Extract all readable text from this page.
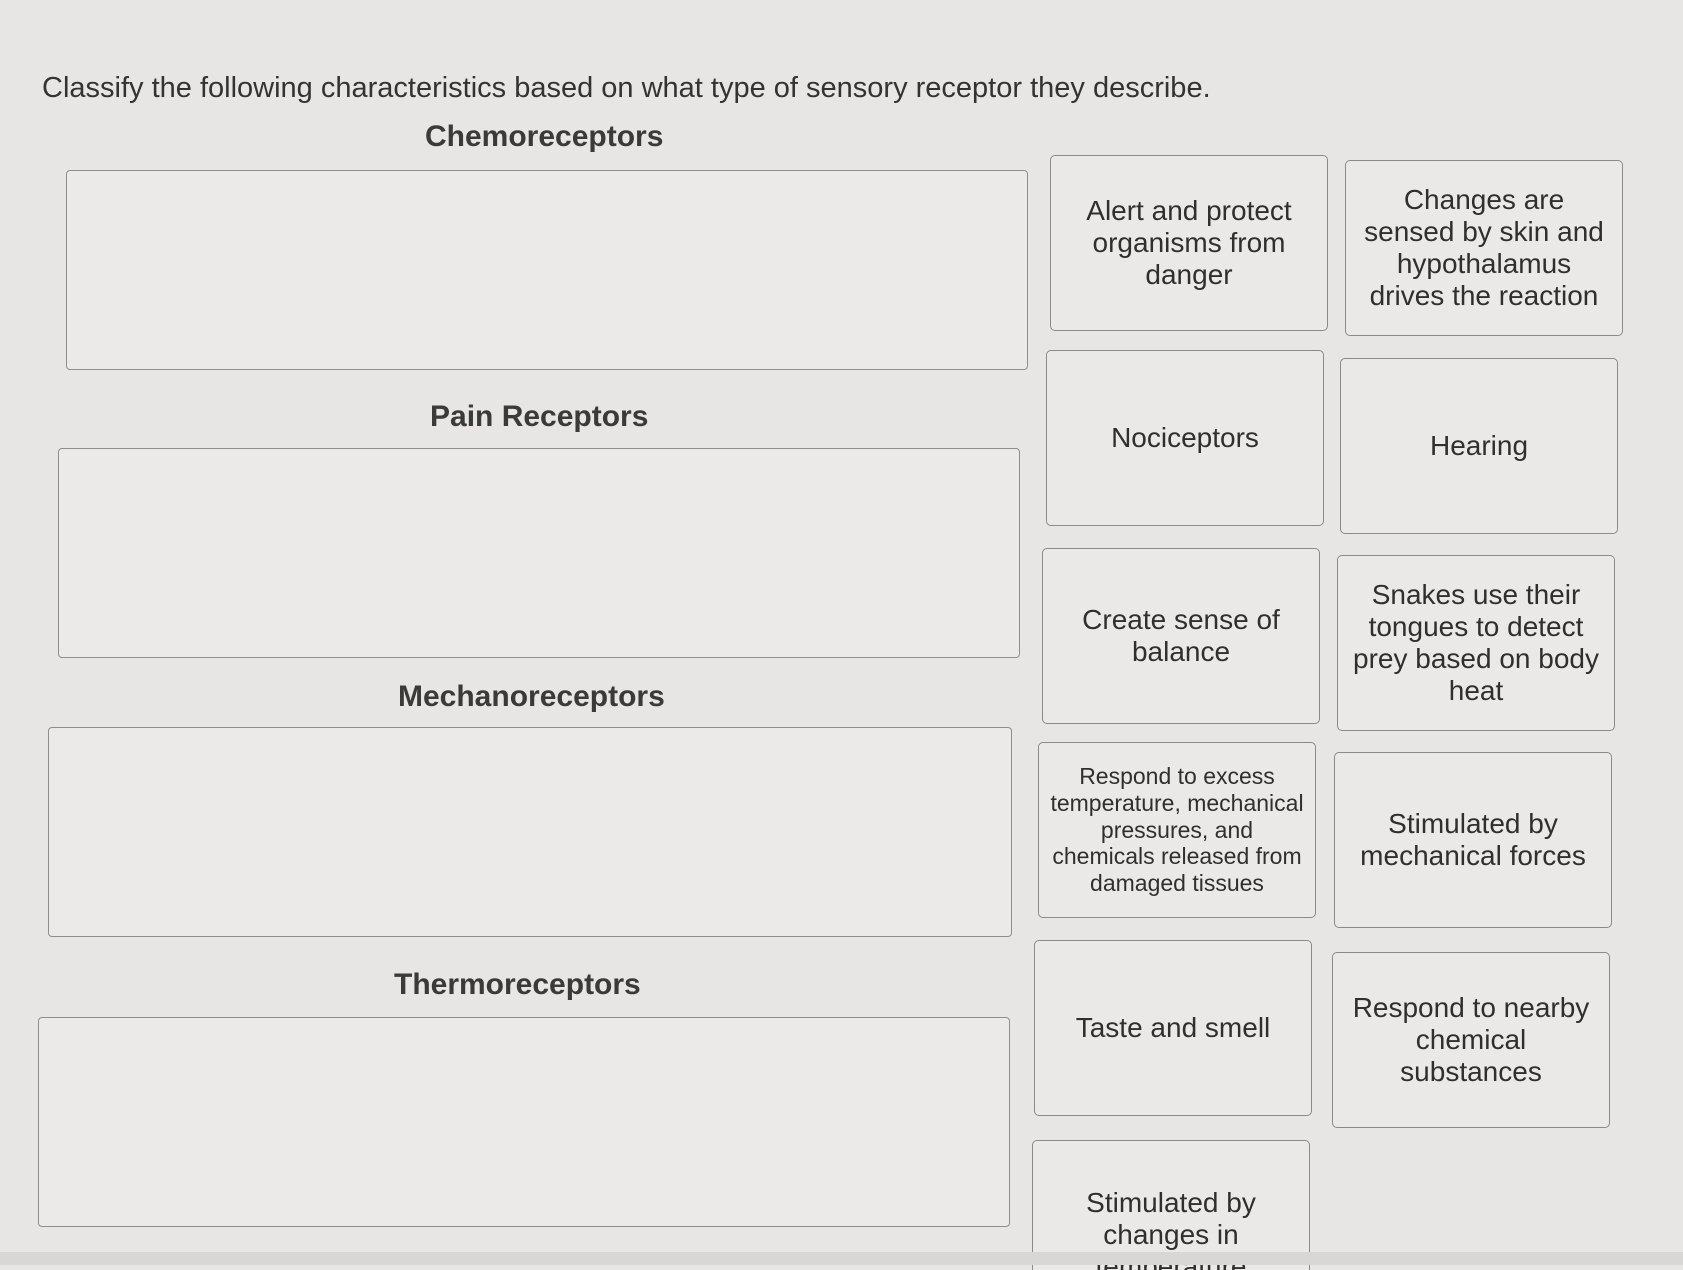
Classify the following characteristics based on what type of sensory receptor they describe.
Chemoreceptors
Pain Receptors
Mechanoreceptors
Thermoreceptors
Alert and protect organisms from danger
Changes are sensed by skin and hypothalamus drives the reaction
Nociceptors	Hearing
Create sense of balance
Snakes use their tongues to detect prey based on body heat
Respond to excess temperature, mechanical pressures, and chemicals released from damaged tissues
Stimulated by mechanical forces
Taste and smell
Respond to nearby chemical substances
Stimulated by changes in
